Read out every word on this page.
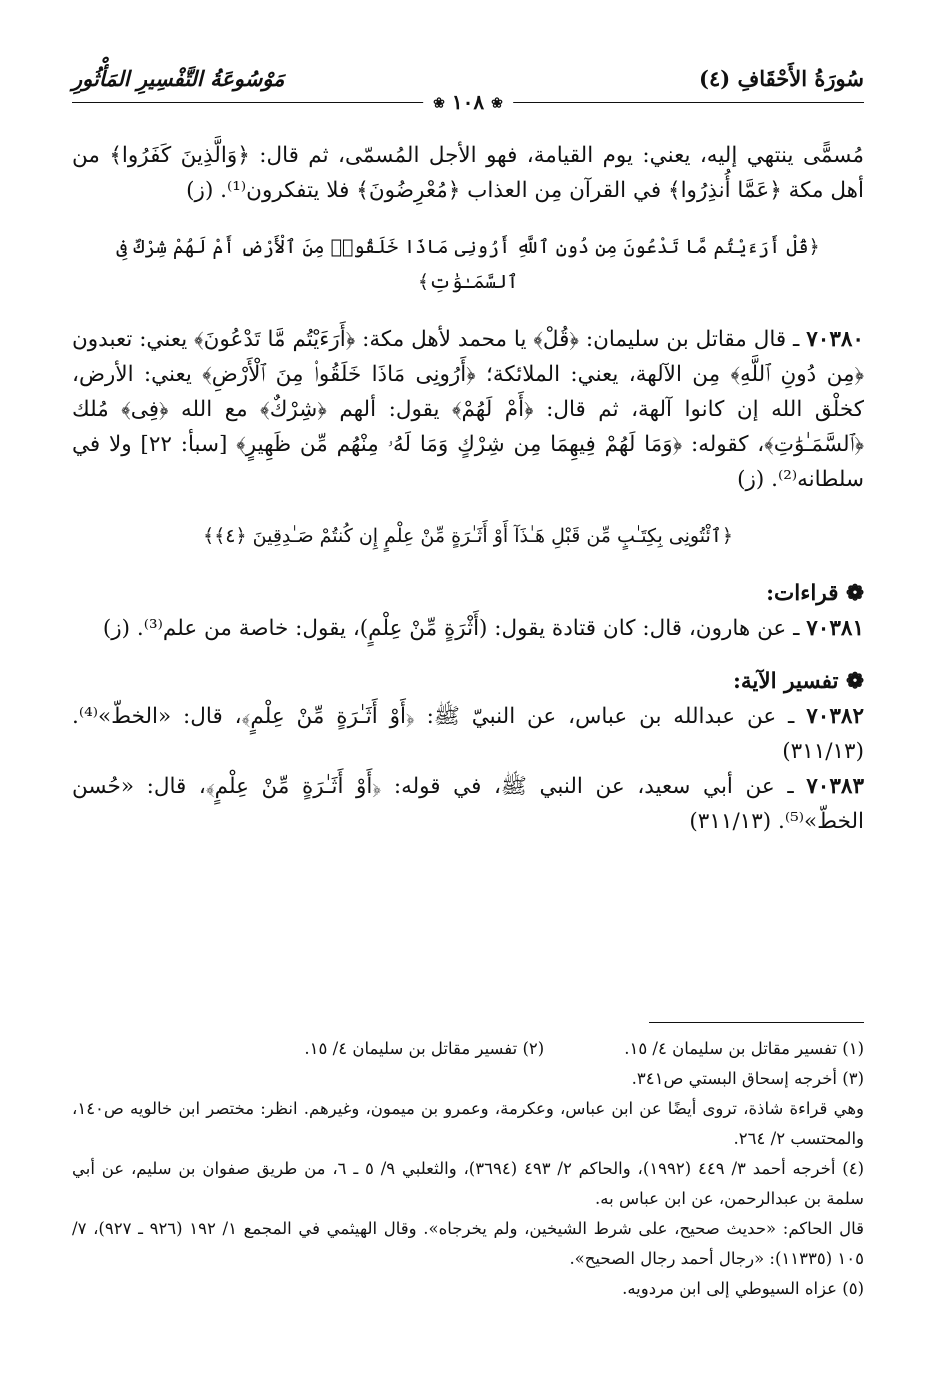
سُورَةُ الأَحْقَافِ (٤)
مَوْسُوعَةُ التَّفْسِيرِ المَأْثُورِ
❀ ١٠٨ ❀

مُسمًّى ينتهي إليه، يعني: يوم القيامة، فهو الأجل المُسمّى، ثم قال: ﴿وَالَّذِينَ كَفَرُوا﴾ من أهل مكة ﴿عَمَّا أُنذِرُوا﴾ في القرآن مِن العذاب ﴿مُعْرِضُونَ﴾ فلا يتفكرون⁽¹⁾. (ز)

﴿قُلْ أَرَءَيْتُم مَّا تَدْعُونَ مِن دُونِ ٱللَّهِ أَرُونِى مَاذَا خَلَقُوا۟ مِنَ ٱلْأَرْضِ أَمْ لَهُمْ شِرْكٌ فِى ٱلسَّمَـٰوَٰتِ﴾

٧٠٣٨٠ ـ قال مقاتل بن سليمان: ﴿قُلْ﴾ يا محمد لأهل مكة: ﴿أَرَءَيْتُم مَّا تَدْعُونَ﴾ يعني: تعبدون ﴿مِن دُونِ ٱللَّهِ﴾ مِن الآلهة، يعني: الملائكة؛ ﴿أَرُونِى مَاذَا خَلَقُوا۟ مِنَ ٱلْأَرْضِ﴾ يعني: الأرض، كخلْق الله إن كانوا آلهة، ثم قال: ﴿أَمْ لَهُمْ﴾ يقول: ألهم ﴿شِرْكٌ﴾ مع الله ﴿فِى﴾ مُلك ﴿ٱلسَّمَـٰوَٰتِ﴾، كقوله: ﴿وَمَا لَهُمْ فِيهِمَا مِن شِرْكٍ وَمَا لَهُۥ مِنْهُم مِّن ظَهِيرٍ﴾ [سبأ: ٢٢] ولا في سلطانه⁽²⁾. (ز)

﴿ٱئْتُونِى بِكِتَـٰبٍ مِّن قَبْلِ هَـٰذَآ أَوْ أَثَـٰرَةٍ مِّنْ عِلْمٍ إِن كُنتُمْ صَـٰدِقِينَ ﴿٤﴾﴾

❁ قراءات:

٧٠٣٨١ ـ عن هارون، قال: كان قتادة يقول: (أَثْرَةٍ مِّنْ عِلْمٍ)، يقول: خاصة من علم⁽³⁾. (ز)

❁ تفسير الآية:

٧٠٣٨٢ ـ عن عبدالله بن عباس، عن النبيّ ﷺ: ﴿أَوْ أَثَـٰرَةٍ مِّنْ عِلْمٍ﴾، قال: «الخطّ»⁽⁴⁾. (٣١١/١٣)

٧٠٣٨٣ ـ عن أبي سعيد، عن النبي ﷺ، في قوله: ﴿أَوْ أَثَـٰرَةٍ مِّنْ عِلْمٍ﴾، قال: «حُسن الخطّ»⁽⁵⁾. (٣١١/١٣)

(١) تفسير مقاتل بن سليمان ٤/ ١٥.
(٢) تفسير مقاتل بن سليمان ٤/ ١٥.

(٣) أخرجه إسحاق البستي ص٣٤١.

وهي قراءة شاذة، تروى أيضًا عن ابن عباس، وعكرمة، وعمرو بن ميمون، وغيرهم. انظر: مختصر ابن خالويه ص١٤٠، والمحتسب ٢/ ٢٦٤.

(٤) أخرجه أحمد ٣/ ٤٤٩ (١٩٩٢)، والحاكم ٢/ ٤٩٣ (٣٦٩٤)، والثعلبي ٩/ ٥ ـ ٦، من طريق صفوان بن سليم، عن أبي سلمة بن عبدالرحمن، عن ابن عباس به.

قال الحاكم: «حديث صحيح، على شرط الشيخين، ولم يخرجاه». وقال الهيثمي في المجمع ١/ ١٩٢ (٩٢٦ ـ ٩٢٧)، ٧/ ١٠٥ (١١٣٣٥): «رجال أحمد رجال الصحيح».

(٥) عزاه السيوطي إلى ابن مردويه.
